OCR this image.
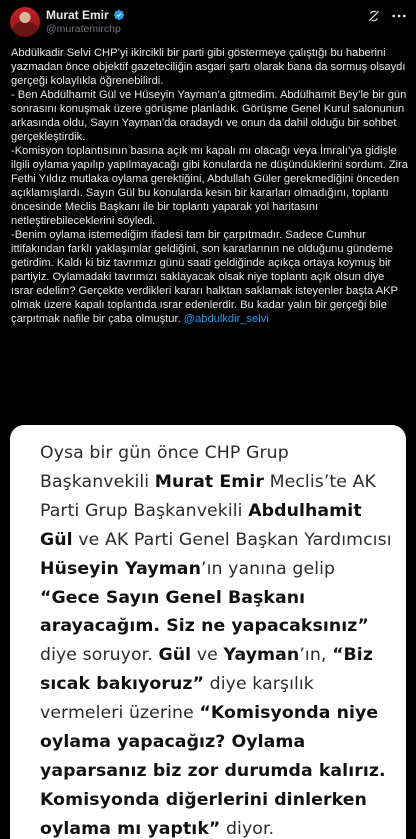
Murat Emir
@muratemirchp

Abdülkadir Selvi CHP’yi ikircikli bir parti gibi göstermeye çalıştığı bu haberini yazmadan önce objektif gazeteciliğin asgari şartı olarak bana da sormuş olsaydı gerçeği kolaylıkla öğrenebilirdi.

- Ben Abdülhamit Gül ve Hüseyin Yayman’a gitmedim. Abdülhamit Bey’le bir gün sonrasını konuşmak üzere görüşme planladık. Görüşme Genel Kurul salonunun arkasında oldu, Sayın Yayman’da oradaydı ve onun da dahil olduğu bir sohbet gerçekleştirdik.

-Komisyon toplantısının basına açık mı kapalı mı olacağı veya İmralı’ya gidişle ilgili oylama yapılıp yapılmayacağı gibi konularda ne düşündüklerini sordum. Zira Fethi Yıldız mutlaka oylama gerektiğini, Abdullah Güler gerekmediğini önceden açıklamışlardı. Sayın Gül bu konularda kesin bir kararları olmadığını, toplantı öncesinde Meclis Başkanı ile bir toplantı yaparak yol haritasını netleştirebileceklerini söyledi.

-Benim oylama istemediğim ifadesi tam bir çarpıtmadır. Sadece Cumhur ittifakından farklı yaklaşımlar geldiğini, son kararlarının ne olduğunu gündeme getirdim. Kaldı ki biz tavrımızı günü saati geldiğinde açıkça ortaya koymuş bir partiyiz. Oylamadaki tavrımızı saklayacak olsak niye toplantı açık olsun diye ısrar edelim? Gerçekte verdikleri kararı halktan saklamak isteyenler başta AKP olmak üzere kapalı toplantıda ısrar edenlerdir. Bu kadar yalın bir gerçeği bile çarpıtmak nafile bir çaba olmuştur. @abdulkdir_selvi

Oysa bir gün önce CHP Grup Başkanvekili Murat Emir Meclis’te AK Parti Grup Başkanvekili Abdulhamit Gül ve AK Parti Genel Başkan Yardımcısı Hüseyin Yayman’ın yanına gelip “Gece Sayın Genel Başkanı arayacağım. Siz ne yapacaksınız” diye soruyor. Gül ve Yayman’ın, “Biz sıcak bakıyoruz” diye karşılık vermeleri üzerine “Komisyonda niye oylama yapacağız? Oylama yaparsanız biz zor durumda kalırız. Komisyonda diğerlerini dinlerken oylama mı yaptık” diyor.
